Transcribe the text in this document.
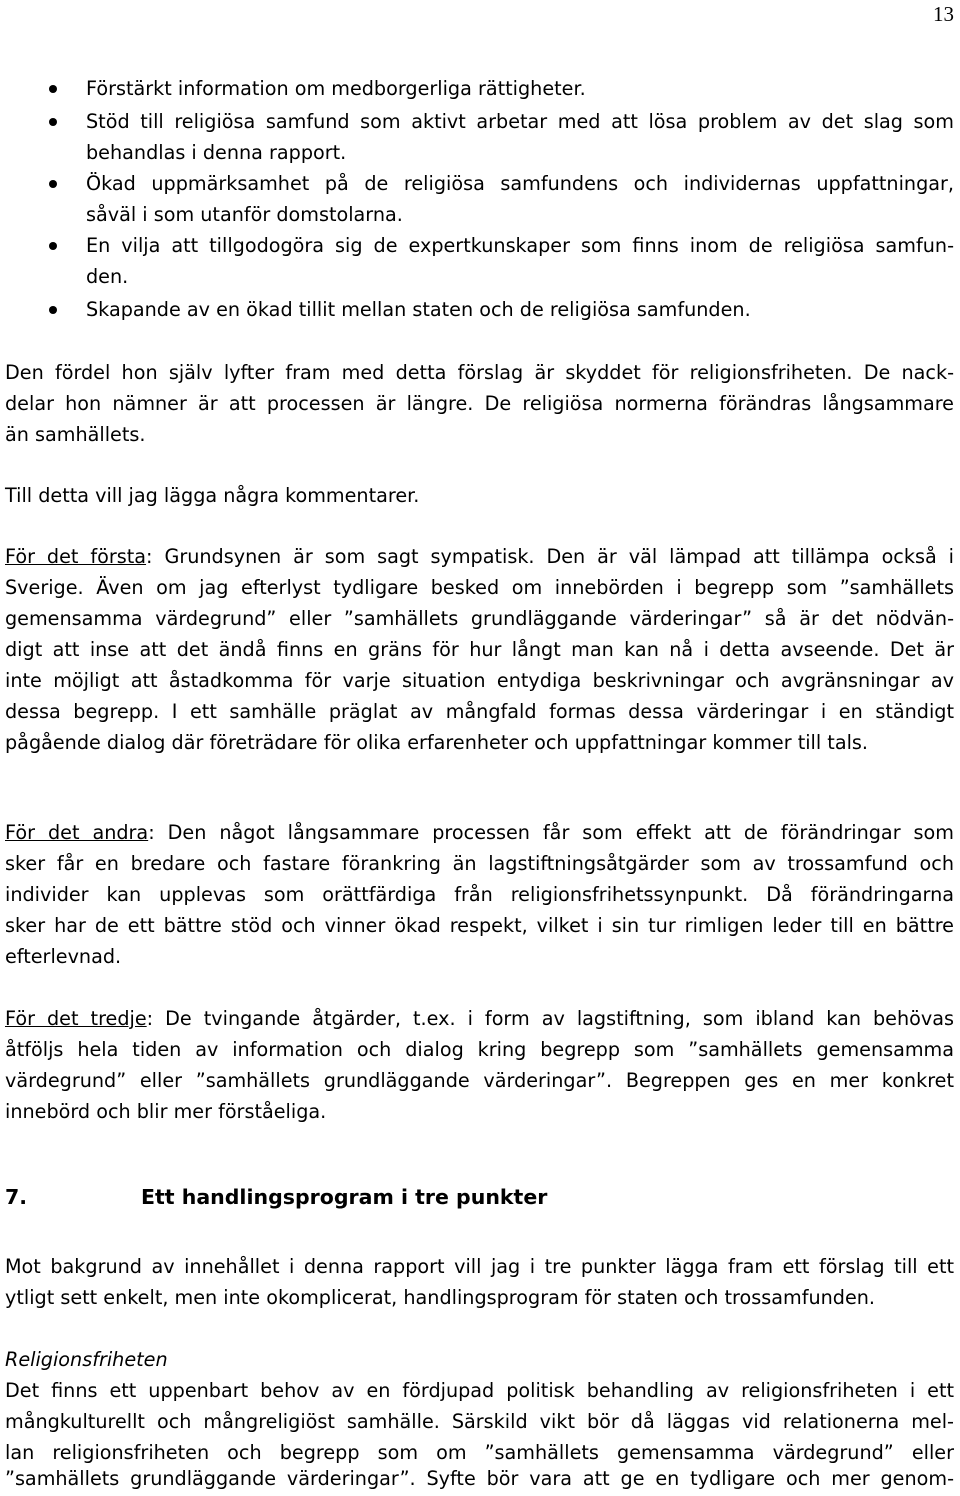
13
Förstärkt information om medborgerliga rättigheter.
Stöd till religiösa samfund som aktivt arbetar med att lösa problem av det slag som
behandlas i denna rapport.
Ökad uppmärksamhet på de religiösa samfundens och individernas uppfattningar,
såväl i som utanför domstolarna.
En vilja att tillgodogöra sig de expertkunskaper som finns inom de religiösa samfun-
den.
Skapande av en ökad tillit mellan staten och de religiösa samfunden.
Den fördel hon själv lyfter fram med detta förslag är skyddet för religionsfriheten. De nack-
delar hon nämner är att processen är längre. De religiösa normerna förändras långsammare
än samhällets.
Till detta vill jag lägga några kommentarer.
För det första: Grundsynen är som sagt sympatisk. Den är väl lämpad att tillämpa också i
Sverige. Även om jag efterlyst tydligare besked om innebörden i begrepp som ”samhällets
gemensamma värdegrund” eller ”samhällets grundläggande värderingar” så är det nödvän-
digt att inse att det ändå finns en gräns för hur långt man kan nå i detta avseende. Det är
inte möjligt att åstadkomma för varje situation entydiga beskrivningar och avgränsningar av
dessa begrepp. I ett samhälle präglat av mångfald formas dessa värderingar i en ständigt
pågående dialog där företrädare för olika erfarenheter och uppfattningar kommer till tals.
För det andra: Den något långsammare processen får som effekt att de förändringar som
sker får en bredare och fastare förankring än lagstiftningsåtgärder som av trossamfund och
individer kan upplevas som orättfärdiga från religionsfrihetssynpunkt. Då förändringarna
sker har de ett bättre stöd och vinner ökad respekt, vilket i sin tur rimligen leder till en bättre
efterlevnad.
För det tredje: De tvingande åtgärder, t.ex. i form av lagstiftning, som ibland kan behövas
åtföljs hela tiden av information och dialog kring begrepp som ”samhällets gemensamma
värdegrund” eller ”samhällets grundläggande värderingar”. Begreppen ges en mer konkret
innebörd och blir mer förståeliga.
7.	Ett handlingsprogram i tre punkter
Mot bakgrund av innehållet i denna rapport vill jag i tre punkter lägga fram ett förslag till ett
ytligt sett enkelt, men inte okomplicerat, handlingsprogram för staten och trossamfunden.
Religionsfriheten
Det finns ett uppenbart behov av en fördjupad politisk behandling av religionsfriheten i ett
mångkulturellt och mångreligiöst samhälle. Särskild vikt bör då läggas vid relationerna mel-
lan religionsfriheten och begrepp som om ”samhällets gemensamma värdegrund” eller
”samhällets grundläggande värderingar”. Syfte bör vara att ge en tydligare och mer genom-
